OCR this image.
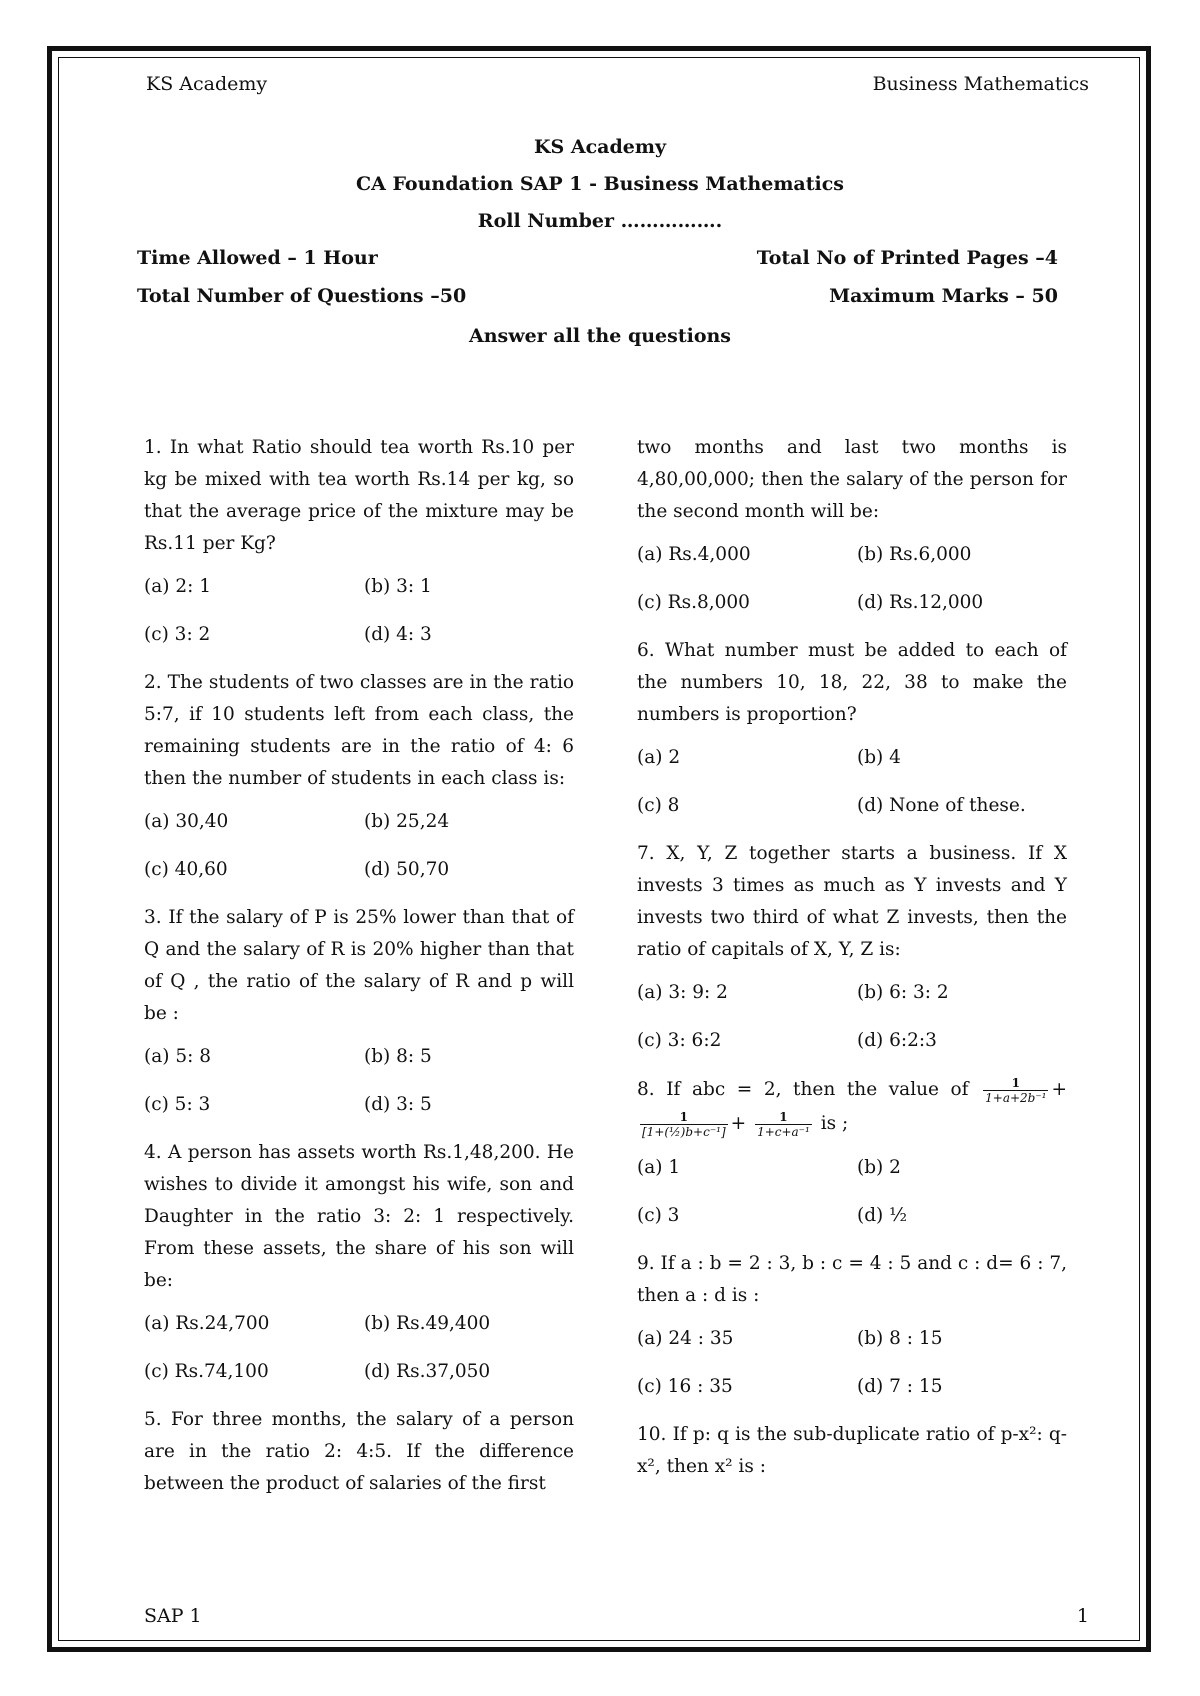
KS Academy	Business Mathematics
KS Academy
CA Foundation SAP 1 - Business Mathematics
Roll Number …………….
Time Allowed – 1 Hour	Total No of Printed Pages –4
Total Number of Questions –50	Maximum Marks – 50
Answer all the questions

1. In what Ratio should tea worth Rs.10 per kg be mixed with tea worth Rs.14 per kg, so that the average price of the mixture may be Rs.11 per Kg?

(a) 2: 1	(b) 3: 1
(c) 3: 2	(d) 4: 3

2. The students of two classes are in the ratio 5:7, if 10 students left from each class, the remaining students are in the ratio of 4: 6 then the number of students in each class is:

(a) 30,40	(b) 25,24
(c) 40,60	(d) 50,70

3. If the salary of P is 25% lower than that of Q and the salary of R is 20% higher than that of Q , the ratio of the salary of R and p will be :

(a) 5: 8	(b) 8: 5
(c) 5: 3	(d) 3: 5

4. A person has assets worth Rs.1,48,200. He wishes to divide it amongst his wife, son and Daughter in the ratio 3: 2: 1 respectively. From these assets, the share of his son will be:

(a) Rs.24,700	(b) Rs.49,400
(c) Rs.74,100	(d) Rs.37,050

5. For three months, the salary of a person are in the ratio 2: 4:5. If the difference between the product of salaries of the first

two months and last two months is 4,80,00,000; then the salary of the person for the second month will be:

(a) Rs.4,000	(b) Rs.6,000
(c) Rs.8,000	(d) Rs.12,000

6. What number must be added to each of the numbers 10, 18, 22, 38 to make the numbers is proportion?

(a) 2	(b) 4
(c) 8	(d) None of these.

7. X, Y, Z together starts a business. If X invests 3 times as much as Y invests and Y invests two third of what Z invests, then the ratio of capitals of X, Y, Z is:

(a) 3: 9: 2	(b) 6: 3: 2
(c) 3: 6:2	(d) 6:2:3

8. If abc = 2, then the value of $\frac{1}{\text{1+a+2b⁻¹}}$ +
$\frac{1}{\text{[1+(½)b+c⁻¹]}} + \frac{1}{\text{1+c+a⁻¹}}$ is ;

(a) 1	(b) 2
(c) 3	(d) ½

9. If a : b = 2 : 3, b : c = 4 : 5 and c : d= 6 : 7, then a : d is :

(a) 24 : 35	(b) 8 : 15
(c) 16 : 35	(d) 7 : 15

10. If p: q is the sub-duplicate ratio of p-x²: q-x², then x² is :

SAP 1	1
